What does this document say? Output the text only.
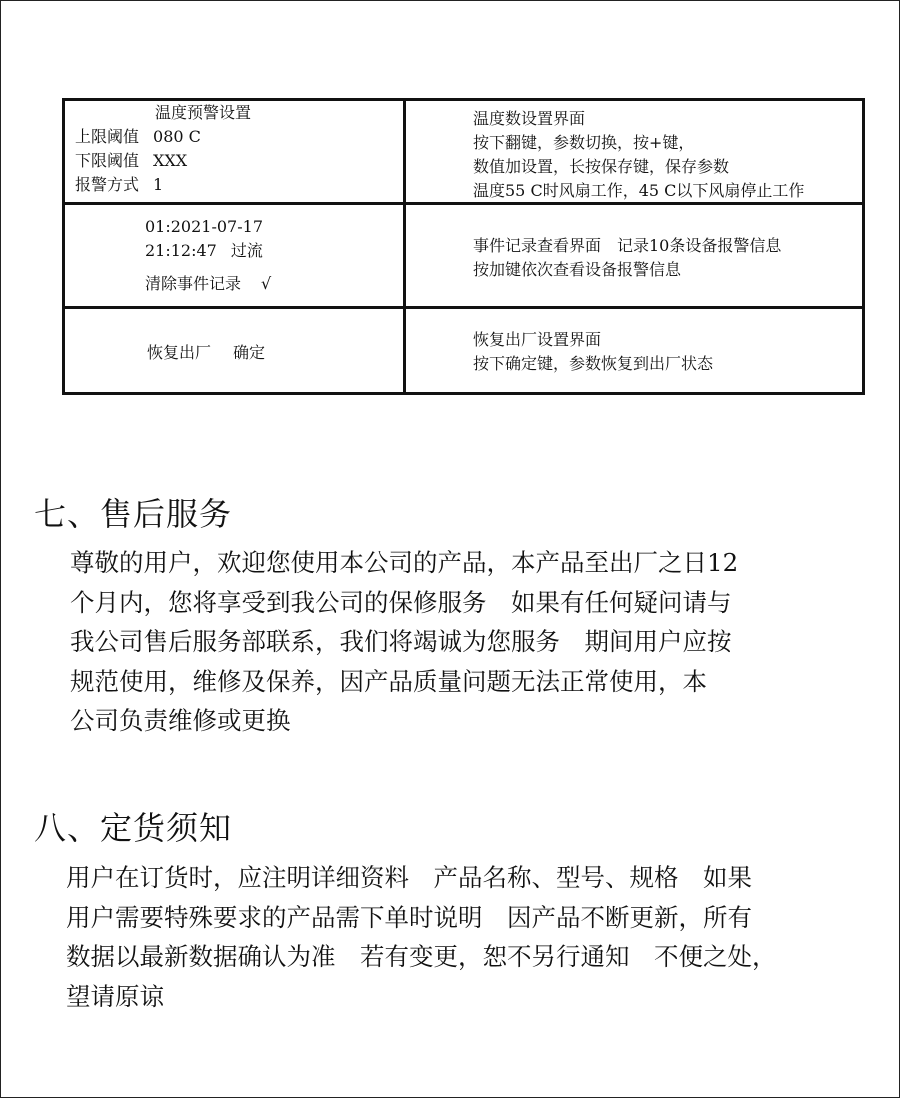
温度预警设置
上限阈值 080 C
下限阈值 XXX
报警方式 1
温度数设置界面
按下翻键，参数切换，按+键，
数值加设置，长按保存键，保存参数
温度55 C时风扇工作，45 C以下风扇停止工作
01:2021-07-17
21:12:47 过流
清除事件记录 √
事件记录查看界面　记录10条设备报警信息
按加键依次查看设备报警信息
恢复出厂 确定
恢复出厂设置界面
按下确定键，参数恢复到出厂状态
七、售后服务
尊敬的用户，欢迎您使用本公司的产品，本产品至出厂之日12
个月内，您将享受到我公司的保修服务　如果有任何疑问请与
我公司售后服务部联系，我们将竭诚为您服务　期间用户应按
规范使用，维修及保养，因产品质量问题无法正常使用，本
公司负责维修或更换
八、定货须知
用户在订货时，应注明详细资料　产品名称、型号、规格　如果
用户需要特殊要求的产品需下单时说明　因产品不断更新，所有
数据以最新数据确认为准　若有变更，恕不另行通知　不便之处，
望请原谅
